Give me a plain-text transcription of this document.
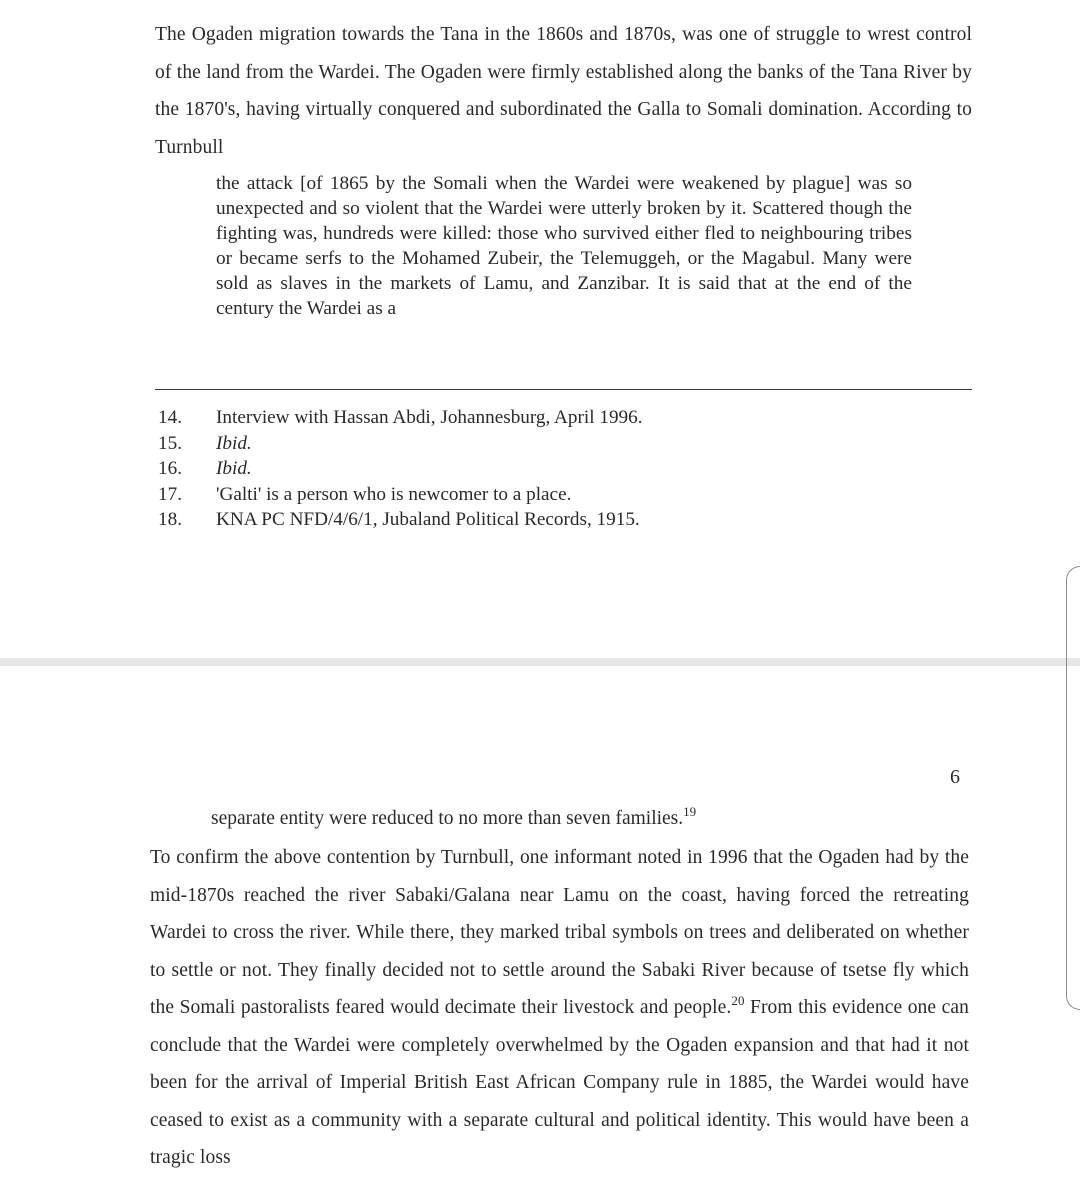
The Ogaden migration towards the Tana in the 1860s and 1870s, was one of struggle to wrest control of the land from the Wardei. The Ogaden were firmly established along the banks of the Tana River by the 1870's, having virtually conquered and subordinated the Galla to Somali domination. According to Turnbull

the attack [of 1865 by the Somali when the Wardei were weakened by plague] was so unexpected and so violent that the Wardei were utterly broken by it. Scattered though the fighting was, hundreds were killed: those who survived either fled to neighbouring tribes or became serfs to the Mohamed Zubeir, the Telemuggeh, or the Magabul. Many were sold as slaves in the markets of Lamu, and Zanzibar. It is said that at the end of the century the Wardei as a

14. Interview with Hassan Abdi, Johannesburg, April 1996.
15. Ibid.
16. Ibid.
17. 'Galti' is a person who is newcomer to a place.
18. KNA PC NFD/4/6/1, Jubaland Political Records, 1915.
6
separate entity were reduced to no more than seven families.$^{19}$

To confirm the above contention by Turnbull, one informant noted in 1996 that the Ogaden had by the mid-1870s reached the river Sabaki/Galana near Lamu on the coast, having forced the retreating Wardei to cross the river. While there, they marked tribal symbols on trees and deliberated on whether to settle or not. They finally decided not to settle around the Sabaki River because of tsetse fly which the Somali pastoralists feared would decimate their livestock and people.$^{20}$ From this evidence one can conclude that the Wardei were completely overwhelmed by the Ogaden expansion and that had it not been for the arrival of Imperial British East African Company rule in 1885, the Wardei would have ceased to exist as a community with a separate cultural and political identity. This would have been a tragic loss
